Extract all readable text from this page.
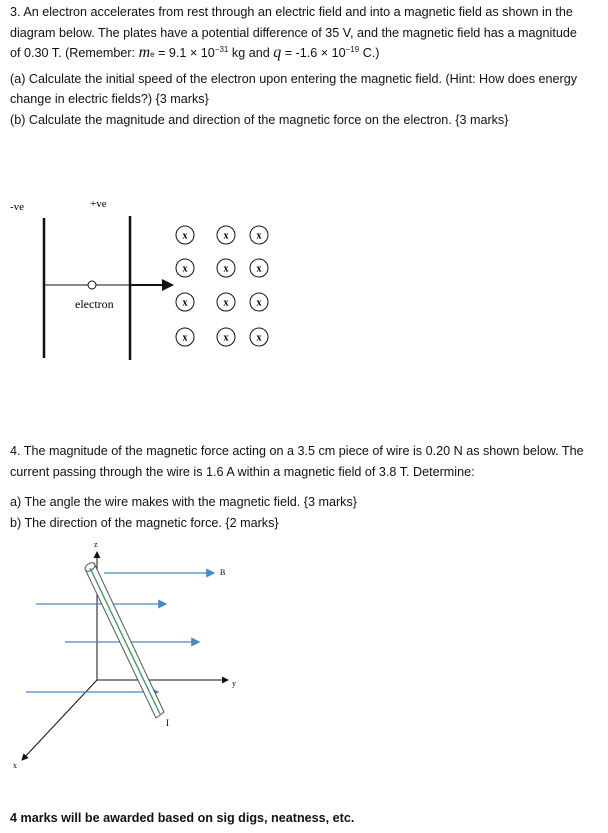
3. An electron accelerates from rest through an electric field and into a magnetic field as shown in the

diagram below. The plates have a potential difference of 35 V, and the magnetic field has a magnitude

of 0.30 T. (Remember: me = $9.1 \times 10^{-31}$ kg and $q = -1.6 \times 10^{-19}$ C.)

(a) Calculate the initial speed of the electron upon entering the magnetic field. (Hint: How does energy

change in electric fields?) {3 marks}

(b) Calculate the magnitude and direction of the magnetic force on the electron. {3 marks}

-ve	+ve
electron
x	x	x
x	x	x
x	x	x
x	x	x

4. The magnitude of the magnetic force acting on a 3.5 cm piece of wire is 0.20 N as shown below. The

current passing through the wire is 1.6 A within a magnetic field of 3.8 T. Determine:

a) The angle the wire makes with the magnetic field. {3 marks}

b) The direction of the magnetic force. {2 marks}

z
y
x
B
I
4 marks will be awarded based on sig digs, neatness, etc.
